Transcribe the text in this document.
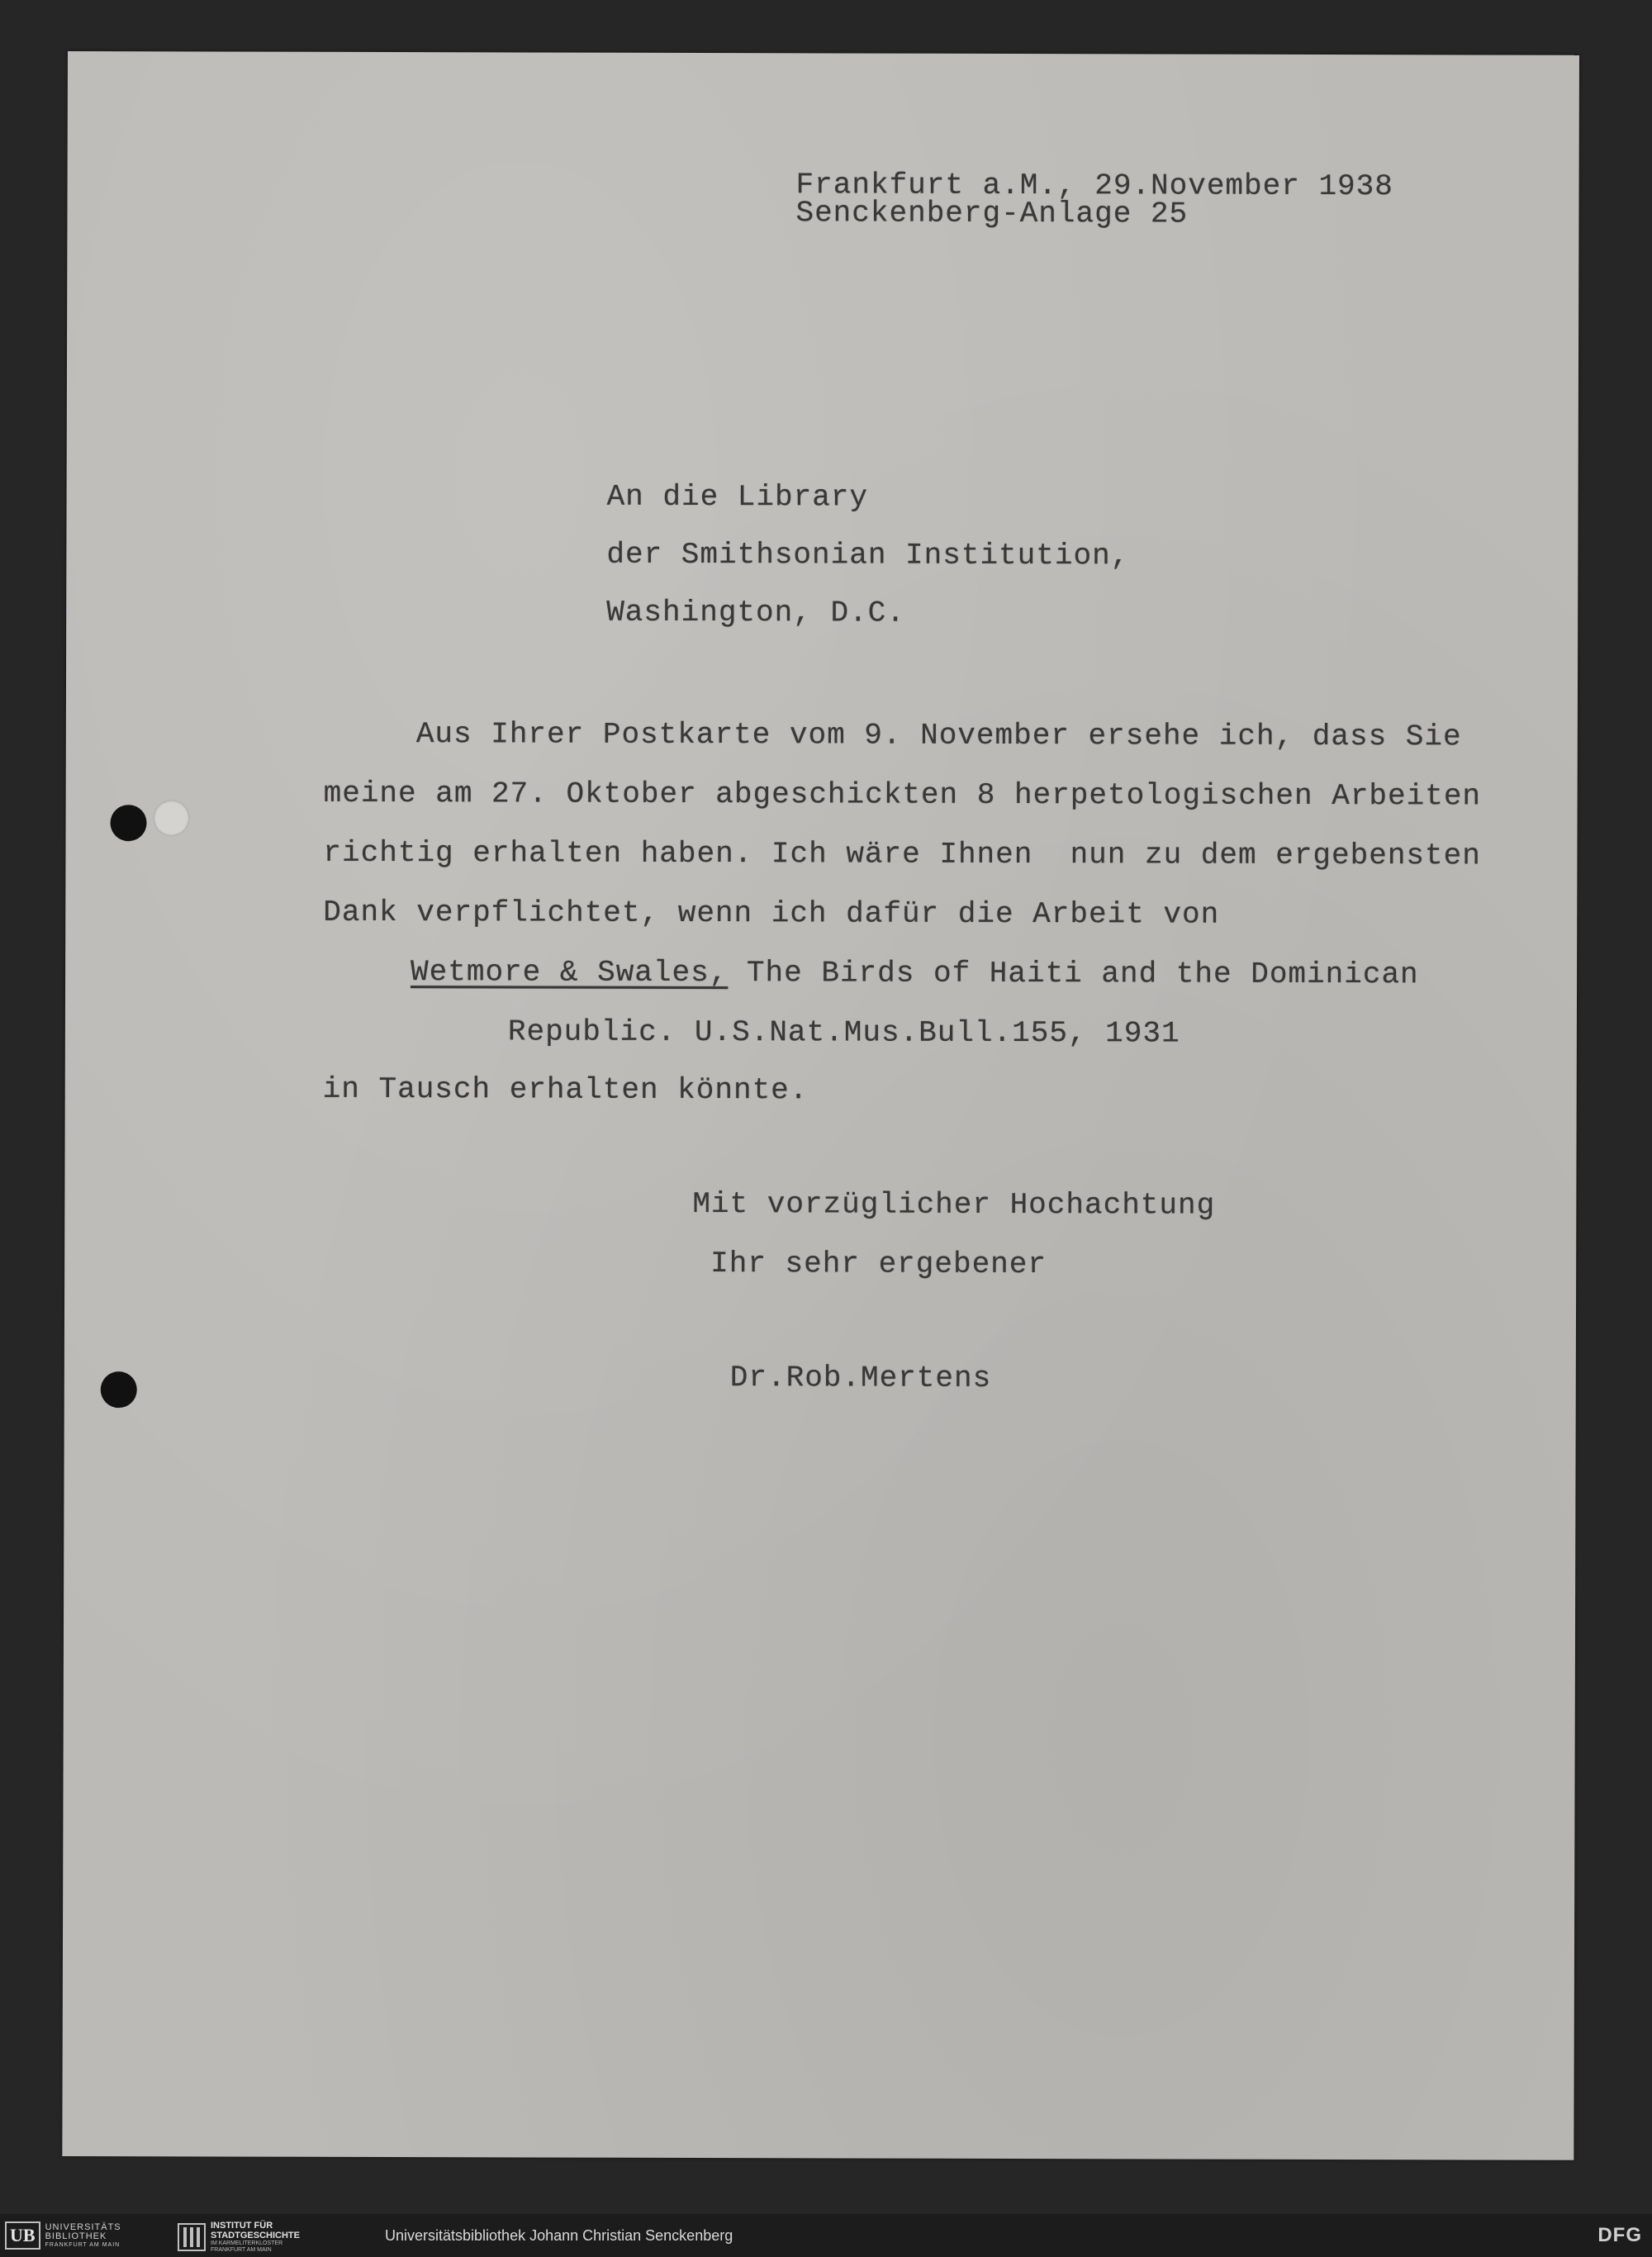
Frankfurt a.M., 29.November 1938

Senckenberg-Anlage 25

An die Library

der Smithsonian Institution,

Washington, D.C.

Aus Ihrer Postkarte vom 9. November ersehe ich, dass Sie

meine am 27. Oktober abgeschickten 8 herpetologischen Arbeiten

richtig erhalten haben. Ich wäre Ihnen  nun zu dem ergebensten

Dank verpflichtet, wenn ich dafür die Arbeit von

Wetmore & Swales, The Birds of Haiti and the Dominican

Republic. U.S.Nat.Mus.Bull.155, 1931

in Tausch erhalten könnte.

Mit vorzüglicher Hochachtung

Ihr sehr ergebener

Dr.Rob.Mertens

UB	UNIVERSITÄTS
BIBLIOTHEK
FRANKFURT AM MAIN
INSTITUT FÜR
STADTGESCHICHTE
IM KARMELITERKLOSTER
FRANKFURT AM MAIN
Universitätsbibliothek Johann Christian Senckenberg	DFG
